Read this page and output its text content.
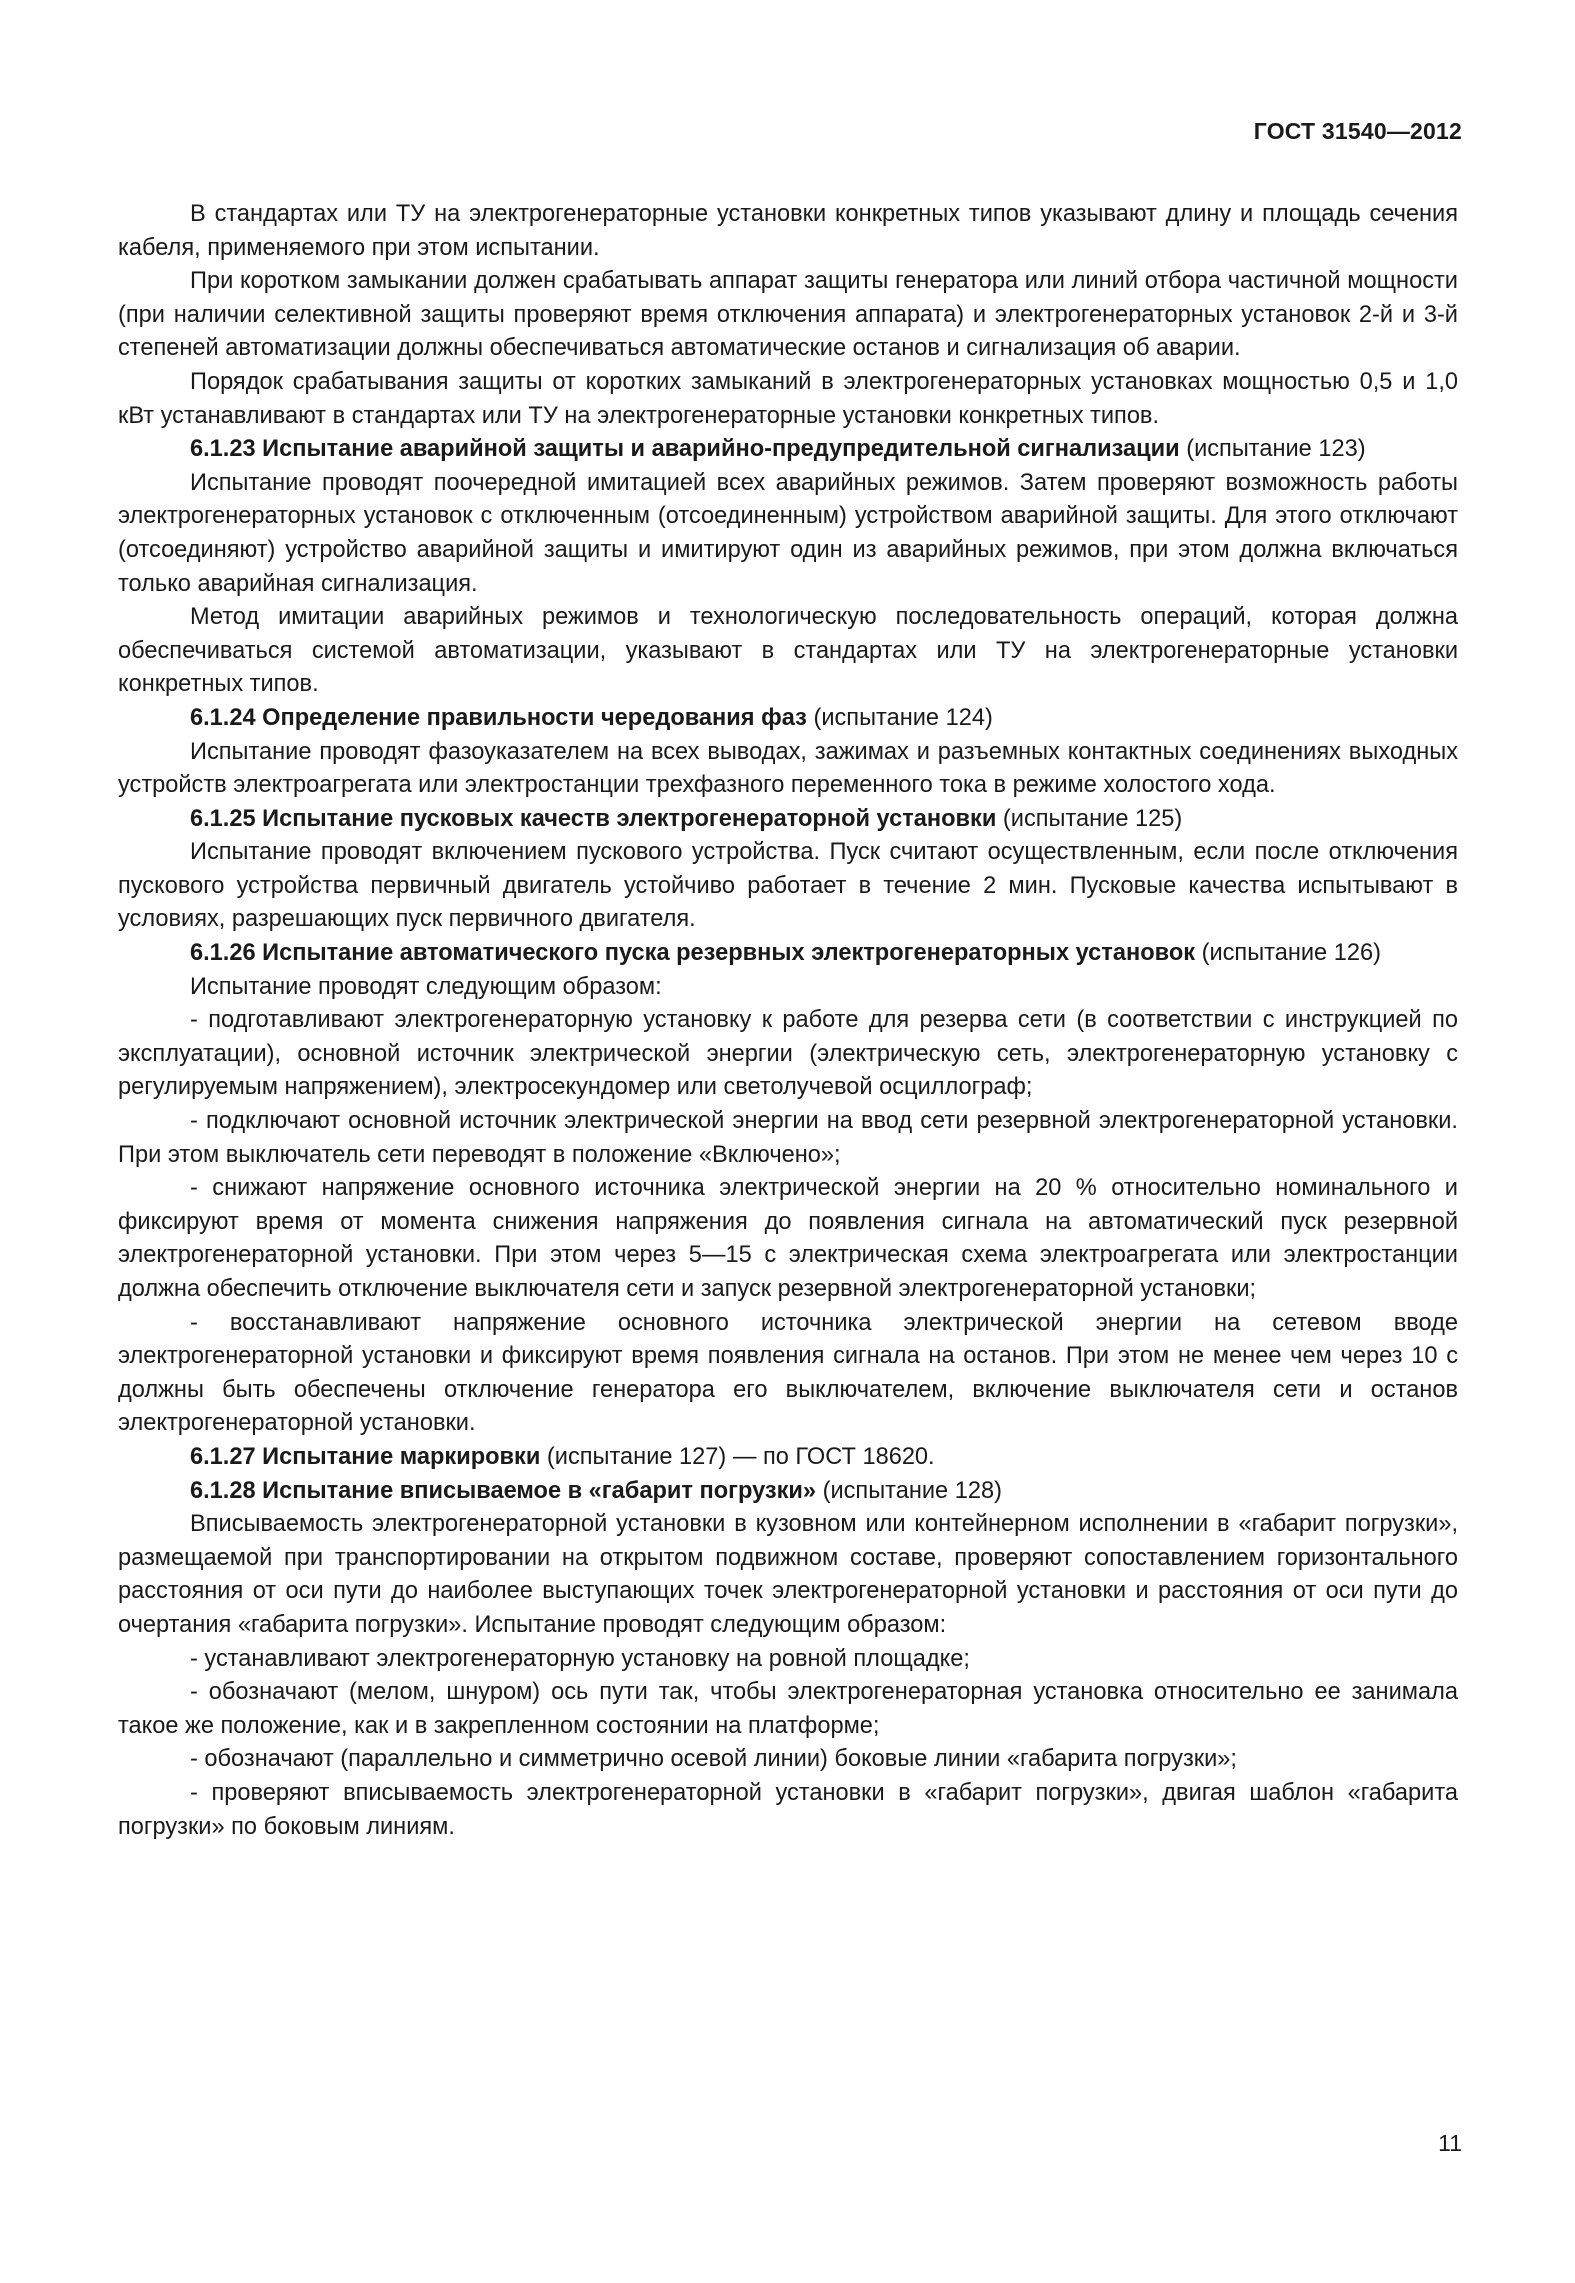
ГОСТ 31540—2012

В стандартах или ТУ на электрогенераторные установки конкретных типов указывают длину и площадь сечения кабеля, применяемого при этом испытании.

При коротком замыкании должен срабатывать аппарат защиты генератора или линий отбора частичной мощности (при наличии селективной защиты проверяют время отключения аппарата) и электрогенераторных установок 2-й и 3-й степеней автоматизации должны обеспечиваться автоматические останов и сигнализация об аварии.

Порядок срабатывания защиты от коротких замыканий в электрогенераторных установках мощностью 0,5 и 1,0 кВт устанавливают в стандартах или ТУ на электрогенераторные установки конкретных типов.

6.1.23 Испытание аварийной защиты и аварийно-предупредительной сигнализации (испытание 123)

Испытание проводят поочередной имитацией всех аварийных режимов. Затем проверяют возможность работы электрогенераторных установок с отключенным (отсоединенным) устройством аварийной защиты. Для этого отключают (отсоединяют) устройство аварийной защиты и имитируют один из аварийных режимов, при этом должна включаться только аварийная сигнализация.

Метод имитации аварийных режимов и технологическую последовательность операций, которая должна обеспечиваться системой автоматизации, указывают в стандартах или ТУ на электрогенераторные установки конкретных типов.

6.1.24 Определение правильности чередования фаз (испытание 124)

Испытание проводят фазоуказателем на всех выводах, зажимах и разъемных контактных соединениях выходных устройств электроагрегата или электростанции трехфазного переменного тока в режиме холостого хода.

6.1.25 Испытание пусковых качеств электрогенераторной установки (испытание 125)

Испытание проводят включением пускового устройства. Пуск считают осуществленным, если после отключения пускового устройства первичный двигатель устойчиво работает в течение 2 мин. Пусковые качества испытывают в условиях, разрешающих пуск первичного двигателя.

6.1.26 Испытание автоматического пуска резервных электрогенераторных установок (испытание 126)

Испытание проводят следующим образом:

- подготавливают электрогенераторную установку к работе для резерва сети (в соответствии с инструкцией по эксплуатации), основной источник электрической энергии (электрическую сеть, электрогенераторную установку с регулируемым напряжением), электросекундомер или светолучевой осциллограф;

- подключают основной источник электрической энергии на ввод сети резервной электрогенераторной установки. При этом выключатель сети переводят в положение «Включено»;

- снижают напряжение основного источника электрической энергии на 20 % относительно номинального и фиксируют время от момента снижения напряжения до появления сигнала на автоматический пуск резервной электрогенераторной установки. При этом через 5—15 с электрическая схема электроагрегата или электростанции должна обеспечить отключение выключателя сети и запуск резервной электрогенераторной установки;

- восстанавливают напряжение основного источника электрической энергии на сетевом вводе электрогенераторной установки и фиксируют время появления сигнала на останов. При этом не менее чем через 10 с должны быть обеспечены отключение генератора его выключателем, включение выключателя сети и останов электрогенераторной установки.

6.1.27 Испытание маркировки (испытание 127) — по ГОСТ 18620.

6.1.28 Испытание вписываемое в «габарит погрузки» (испытание 128)

Вписываемость электрогенераторной установки в кузовном или контейнерном исполнении в «габарит погрузки», размещаемой при транспортировании на открытом подвижном составе, проверяют сопоставлением горизонтального расстояния от оси пути до наиболее выступающих точек электрогенераторной установки и расстояния от оси пути до очертания «габарита погрузки». Испытание проводят следующим образом:

- устанавливают электрогенераторную установку на ровной площадке;

- обозначают (мелом, шнуром) ось пути так, чтобы электрогенераторная установка относительно ее занимала такое же положение, как и в закрепленном состоянии на платформе;

- обозначают (параллельно и симметрично осевой линии) боковые линии «габарита погрузки»;

- проверяют вписываемость электрогенераторной установки в «габарит погрузки», двигая шаблон «габарита погрузки» по боковым линиям.

11
